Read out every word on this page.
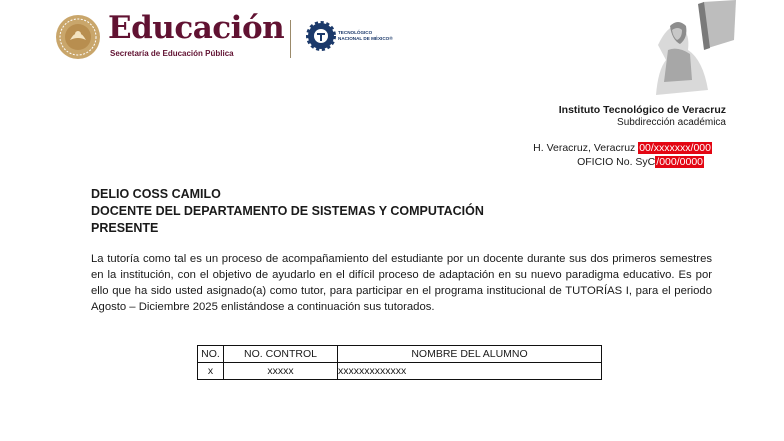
Educación
Secretaría de Educación Pública
TECNOLÓGICO
NACIONAL DE MÉXICO®
Instituto Tecnológico de Veracruz
Subdirección académica
H. Veracruz, Veracruz 00/xxxxxxx/000
OFICIO No. SyC/000/0000
DELIO COSS CAMILO
DOCENTE DEL DEPARTAMENTO DE SISTEMAS Y COMPUTACIÓN
PRESENTE
La tutoría como tal es un proceso de acompañamiento del estudiante por un docente durante sus dos primeros semestres en la institución, con el objetivo de ayudarlo en el difícil proceso de adaptación en su nuevo paradigma educativo. Es por ello que ha sido usted asignado(a) como tutor, para participar en el programa institucional de TUTORÍAS I, para el periodo Agosto – Diciembre 2025 enlistándose a continuación sus tutorados.
NO.	NO. CONTROL	NOMBRE DEL ALUMNO
x	xxxxx	xxxxxxxxxxxxx
